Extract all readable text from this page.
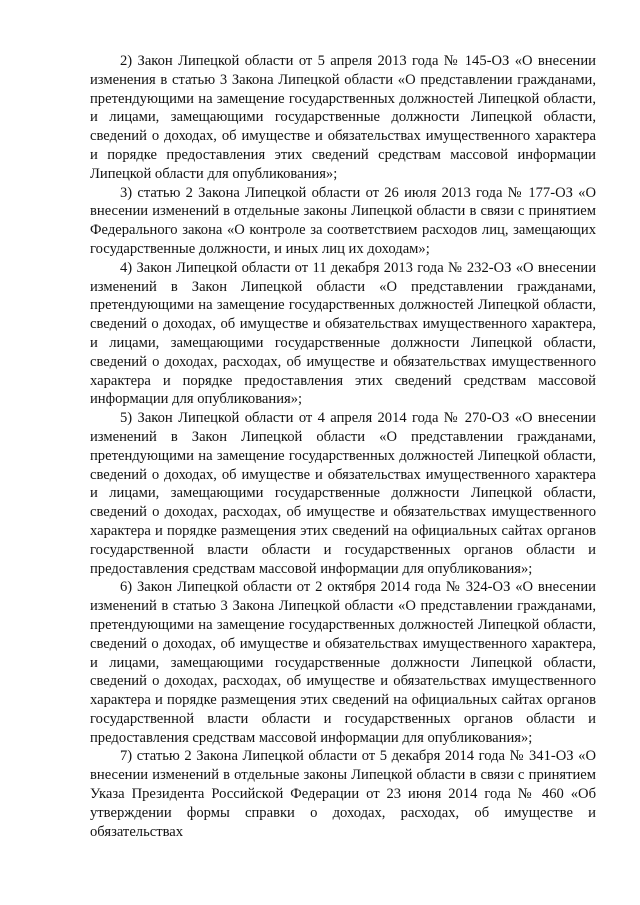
2) Закон Липецкой области от 5 апреля 2013 года № 145-ОЗ «О внесении изменения в статью 3 Закона Липецкой области «О представлении гражданами, претендующими на замещение государственных должностей Липецкой области, и лицами, замещающими государственные должности Липецкой области, сведений о доходах, об имуществе и обязательствах имущественного характера и порядке предоставления этих сведений средствам массовой информации Липецкой области для опубликования»;

3) статью 2 Закона Липецкой области от 26 июля 2013 года № 177-ОЗ «О внесении изменений в отдельные законы Липецкой области в связи с принятием Федерального закона «О контроле за соответствием расходов лиц, замещающих государственные должности, и иных лиц их доходам»;

4) Закон Липецкой области от 11 декабря 2013 года № 232-ОЗ «О внесении изменений в Закон Липецкой области «О представлении гражданами, претендующими на замещение государственных должностей Липецкой области, сведений о доходах, об имуществе и обязательствах имущественного характера, и лицами, замещающими государственные должности Липецкой области, сведений о доходах, расходах, об имуществе и обязательствах имущественного характера и порядке предоставления этих сведений средствам массовой информации для опубликования»;

5) Закон Липецкой области от 4 апреля 2014 года № 270-ОЗ «О внесении изменений в Закон Липецкой области «О представлении гражданами, претендующими на замещение государственных должностей Липецкой области, сведений о доходах, об имуществе и обязательствах имущественного характера и лицами, замещающими государственные должности Липецкой области, сведений о доходах, расходах, об имуществе и обязательствах имущественного характера и порядке размещения этих сведений на официальных сайтах органов государственной власти области и государственных органов области и предоставления средствам массовой информации для опубликования»;

6) Закон Липецкой области от 2 октября 2014 года № 324-ОЗ «О внесении изменений в статью 3 Закона Липецкой области «О представлении гражданами, претендующими на замещение государственных должностей Липецкой области, сведений о доходах, об имуществе и обязательствах имущественного характера, и лицами, замещающими государственные должности Липецкой области, сведений о доходах, расходах, об имуществе и обязательствах имущественного характера и порядке размещения этих сведений на официальных сайтах органов государственной власти области и государственных органов области и предоставления средствам массовой информации для опубликования»;

7) статью 2 Закона Липецкой области от 5 декабря 2014 года № 341-ОЗ «О внесении изменений в отдельные законы Липецкой области в связи с принятием Указа Президента Российской Федерации от 23 июня 2014 года № 460 «Об утверждении формы справки о доходах, расходах, об имуществе и обязательствах
